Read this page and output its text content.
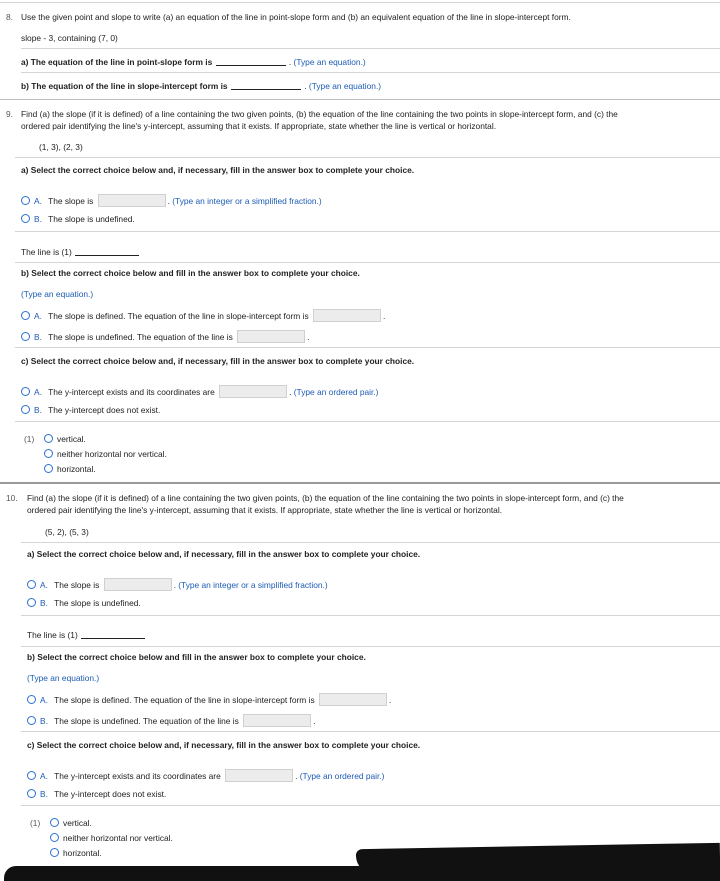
8. Use the given point and slope to write (a) an equation of the line in point-slope form and (b) an equivalent equation of the line in slope-intercept form.
slope - 3, containing (7, 0)
a) The equation of the line in point-slope form is	. (Type an equation.)
b) The equation of the line in slope-intercept form is	. (Type an equation.)
9. Find (a) the slope (if it is defined) of a line containing the two given points, (b) the equation of the line containing the two points in slope-intercept form, and (c) the
ordered pair identifying the line's y-intercept, assuming that it exists. If appropriate, state whether the line is vertical or horizontal.
(1, 3), (2, 3)
a) Select the correct choice below and, if necessary, fill in the answer box to complete your choice.
A. The slope is	. (Type an integer or a simplified fraction.)
B. The slope is undefined.
The line is (1)
b) Select the correct choice below and fill in the answer box to complete your choice.
(Type an equation.)
A. The slope is defined. The equation of the line in slope-intercept form is	.
B. The slope is undefined. The equation of the line is	.
c) Select the correct choice below and, if necessary, fill in the answer box to complete your choice.
A. The y-intercept exists and its coordinates are	. (Type an ordered pair.)
B. The y-intercept does not exist.
(1)	vertical.
neither horizontal nor vertical.
horizontal.
10. Find (a) the slope (if it is defined) of a line containing the two given points, (b) the equation of the line containing the two points in slope-intercept form, and (c) the
ordered pair identifying the line's y-intercept, assuming that it exists. If appropriate, state whether the line is vertical or horizontal.
(5, 2), (5, 3)
a) Select the correct choice below and, if necessary, fill in the answer box to complete your choice.
A. The slope is	. (Type an integer or a simplified fraction.)
B. The slope is undefined.
The line is (1)
b) Select the correct choice below and fill in the answer box to complete your choice.
(Type an equation.)
A. The slope is defined. The equation of the line in slope-intercept form is	.
B. The slope is undefined. The equation of the line is	.
c) Select the correct choice below and, if necessary, fill in the answer box to complete your choice.
A. The y-intercept exists and its coordinates are	. (Type an ordered pair.)
B. The y-intercept does not exist.
(1)	vertical.
neither horizontal nor vertical.
horizontal.
